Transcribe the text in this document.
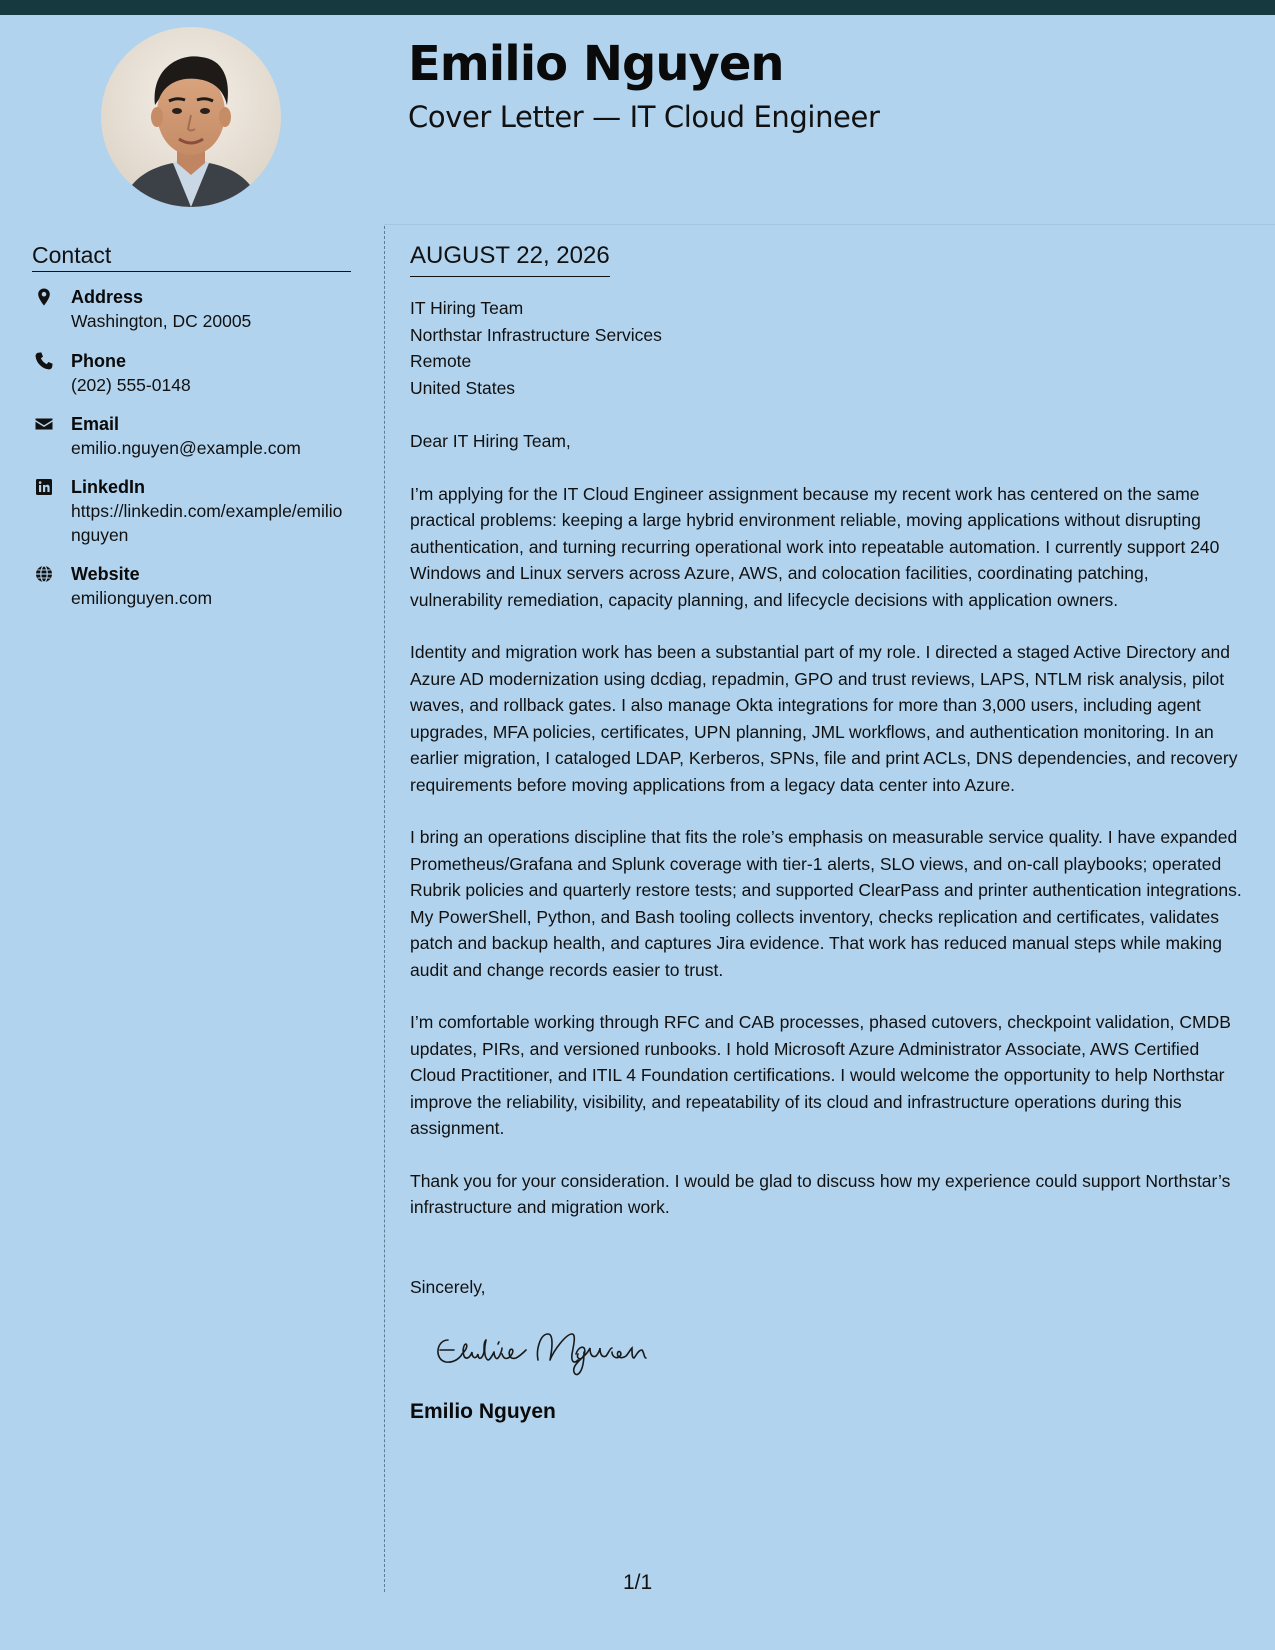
Emilio Nguyen
Cover Letter — IT Cloud Engineer
Contact
Address
Washington, DC 20005
Phone
(202) 555-0148
Email
emilio.nguyen@example.com
LinkedIn
https://linkedin.com/example/emilionguyen
Website
emilionguyen.com
AUGUST 22, 2026
IT Hiring Team
Northstar Infrastructure Services
Remote
United States
Dear IT Hiring Team,
I’m applying for the IT Cloud Engineer assignment because my recent work has centered on the same practical problems: keeping a large hybrid environment reliable, moving applications without disrupting authentication, and turning recurring operational work into repeatable automation. I currently support 240 Windows and Linux servers across Azure, AWS, and colocation facilities, coordinating patching, vulnerability remediation, capacity planning, and lifecycle decisions with application owners.
Identity and migration work has been a substantial part of my role. I directed a staged Active Directory and Azure AD modernization using dcdiag, repadmin, GPO and trust reviews, LAPS, NTLM risk analysis, pilot waves, and rollback gates. I also manage Okta integrations for more than 3,000 users, including agent upgrades, MFA policies, certificates, UPN planning, JML workflows, and authentication monitoring. In an earlier migration, I cataloged LDAP, Kerberos, SPNs, file and print ACLs, DNS dependencies, and recovery requirements before moving applications from a legacy data center into Azure.
I bring an operations discipline that fits the role’s emphasis on measurable service quality. I have expanded Prometheus/Grafana and Splunk coverage with tier-1 alerts, SLO views, and on-call playbooks; operated Rubrik policies and quarterly restore tests; and supported ClearPass and printer authentication integrations. My PowerShell, Python, and Bash tooling collects inventory, checks replication and certificates, validates patch and backup health, and captures Jira evidence. That work has reduced manual steps while making audit and change records easier to trust.
I’m comfortable working through RFC and CAB processes, phased cutovers, checkpoint validation, CMDB updates, PIRs, and versioned runbooks. I hold Microsoft Azure Administrator Associate, AWS Certified Cloud Practitioner, and ITIL 4 Foundation certifications. I would welcome the opportunity to help Northstar improve the reliability, visibility, and repeatability of its cloud and infrastructure operations during this assignment.
Thank you for your consideration. I would be glad to discuss how my experience could support Northstar’s infrastructure and migration work.
Sincerely,
Emilio Nguyen
1/1
